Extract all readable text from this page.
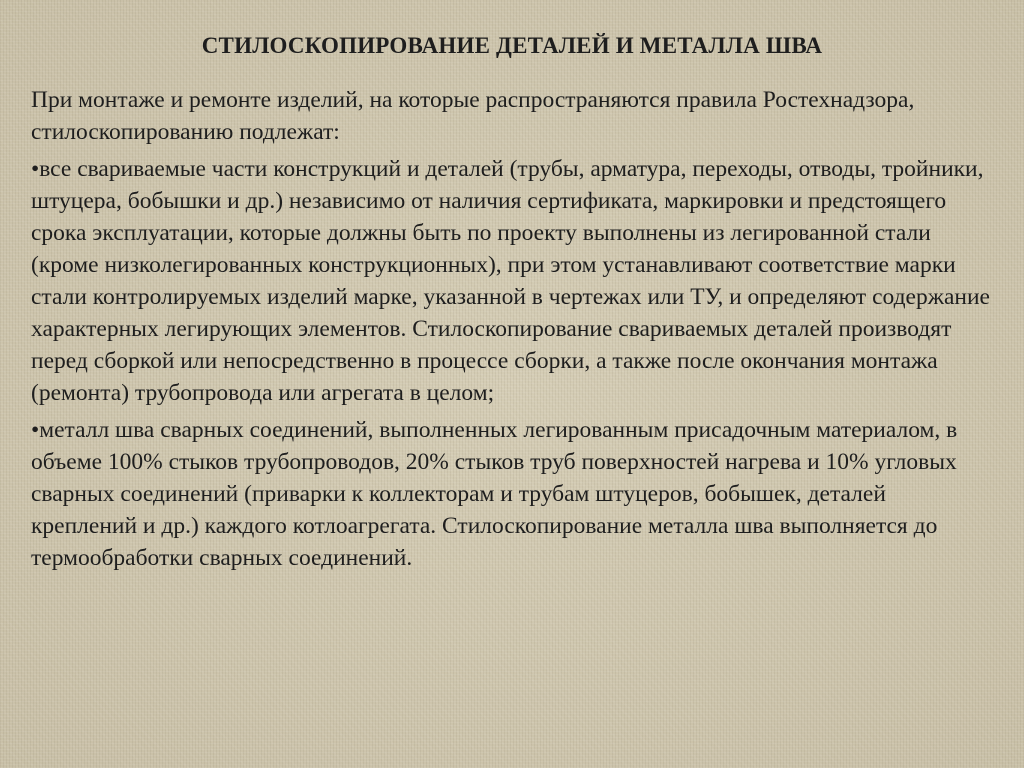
СТИЛОСКОПИРОВАНИЕ ДЕТАЛЕЙ И МЕТАЛЛА ШВА

При монтаже и ремонте изделий, на которые распространяются правила Ростехнадзора, стилоскопированию подлежат:

•все свариваемые части конструкций и деталей (трубы, арматура, переходы, отводы, тройники, штуцера, бобышки и др.) независимо от наличия сертификата, маркировки и предстоящего срока эксплуатации, которые должны быть по проекту выполнены из легированной стали (кроме низколегированных конструкционных), при этом устанавливают соответствие марки стали контролируемых изделий марке, указанной в чертежах или ТУ, и определяют содержание характерных легирующих элементов. Стилоскопирование свариваемых деталей производят перед сборкой или непосредственно в процессе сборки, а также после окончания монтажа (ремонта) трубопровода или агрегата в целом;

•металл шва сварных соединений, выполненных легированным присадочным материалом, в объеме 100% стыков трубопроводов, 20% стыков труб поверхностей нагрева и 10% угловых сварных соединений (приварки к коллекторам и трубам штуцеров, бобышек, деталей креплений и др.) каждого котлоагрегата. Стилоскопирование металла шва выполняется до термообработки сварных соединений.
